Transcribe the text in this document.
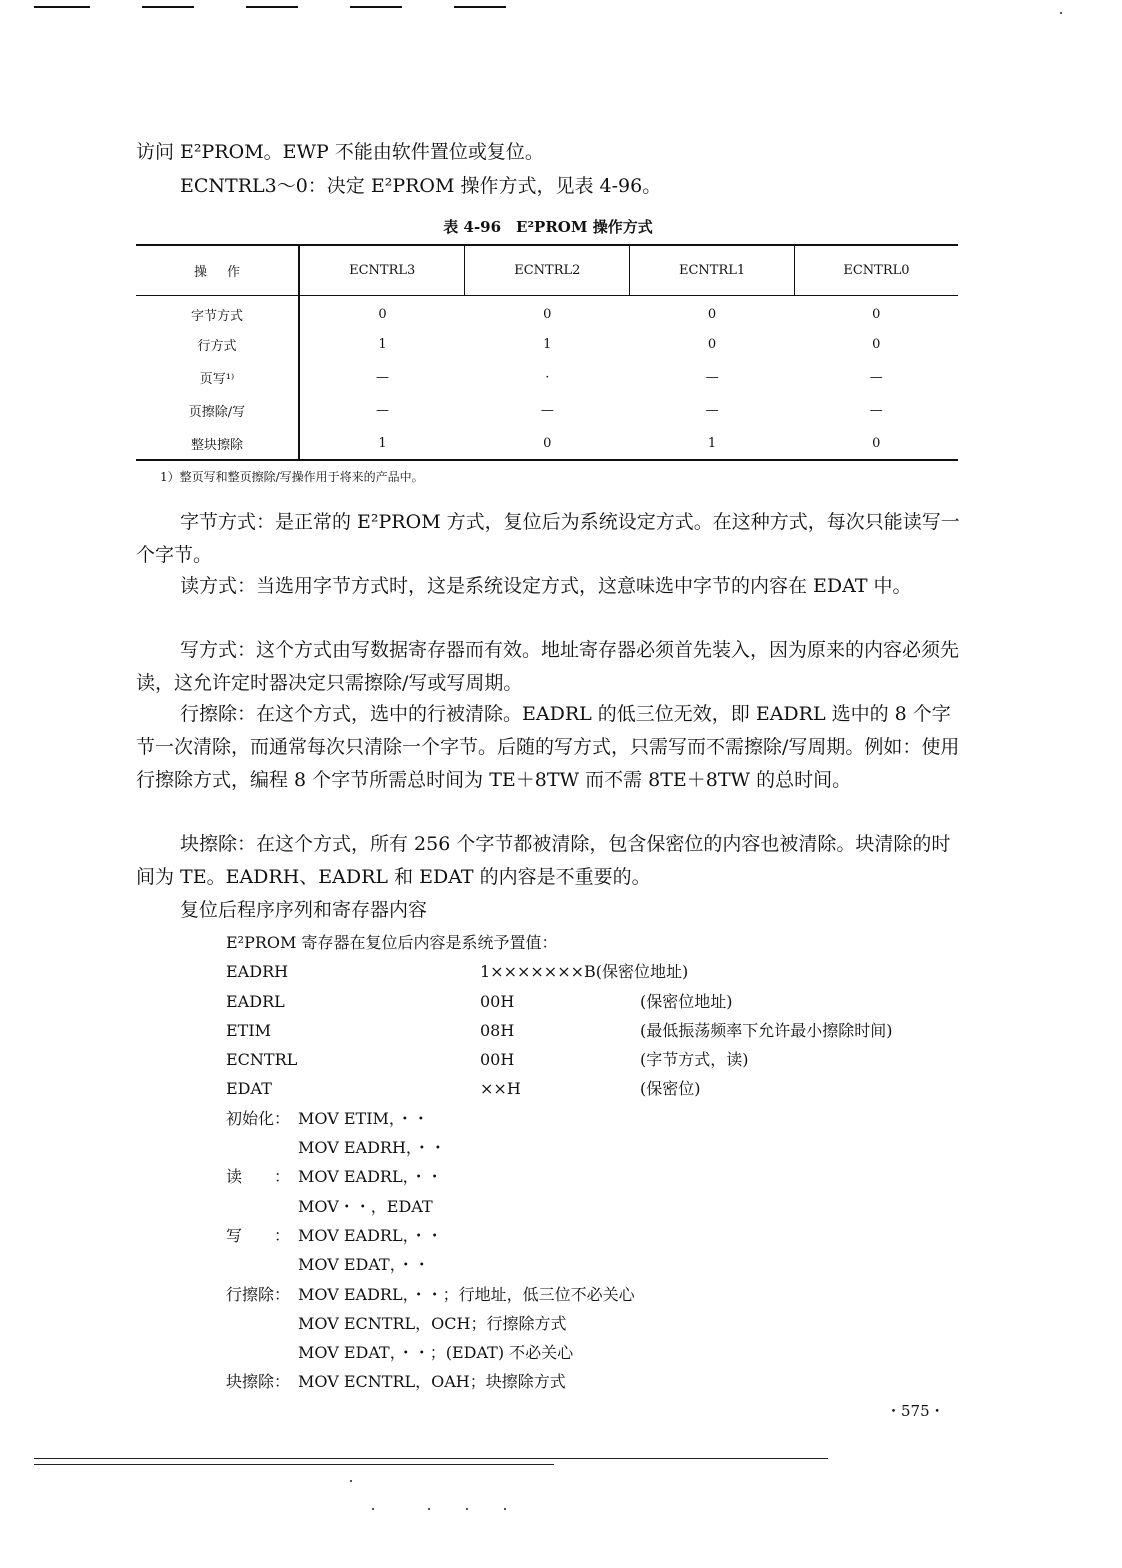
访问 E²PROM。EWP 不能由软件置位或复位。

ECNTRL3～0：决定 E²PROM 操作方式，见表 4-96。

表 4-96　E²PROM 操作方式

操作	ECNTRL3	ECNTRL2	ECNTRL1	ECNTRL0
字节方式	0	0	0	0
行方式	1	1	0	0
页写¹⁾	—	·	—	—
页擦除/写	—	—	—	—
整块擦除	1	0	1	0

1）整页写和整页擦除/写操作用于将来的产品中。

字节方式：是正常的 E²PROM 方式，复位后为系统设定方式。在这种方式，每次只能读写一个字节。

读方式：当选用字节方式时，这是系统设定方式，这意味选中字节的内容在 EDAT 中。

写方式：这个方式由写数据寄存器而有效。地址寄存器必须首先装入，因为原来的内容必须先读，这允许定时器决定只需擦除/写或写周期。

行擦除：在这个方式，选中的行被清除。EADRL 的低三位无效，即 EADRL 选中的 8 个字节一次清除，而通常每次只清除一个字节。后随的写方式，只需写而不需擦除/写周期。例如：使用行擦除方式，编程 8 个字节所需总时间为 TE＋8TW 而不需 8TE＋8TW 的总时间。

块擦除：在这个方式，所有 256 个字节都被清除，包含保密位的内容也被清除。块清除的时间为 TE。EADRH、EADRL 和 EDAT 的内容是不重要的。

复位后程序序列和寄存器内容

E²PROM 寄存器在复位后内容是系统予置值：
EADRH	1×××××××B (保密位地址)
EADRL	00H	(保密位地址)
ETIM	08H	(最低振荡频率下允许最小擦除时间)
ECNTRL	00H	(字节方式，读)
EDAT	××H	(保密位)
初始化： MOV ETIM，・・
MOV EADRH，・・
读　　： MOV EADRL，・・
MOV・・，EDAT
写　　： MOV EADRL，・・
MOV EDAT，・・
行擦除： MOV EADRL，・・；行地址，低三位不必关心
MOV ECNTRL，OCH；行擦除方式
MOV EDAT，・・；(EDAT) 不必关心
块擦除： MOV ECNTRL，OAH；块擦除方式
・575・
